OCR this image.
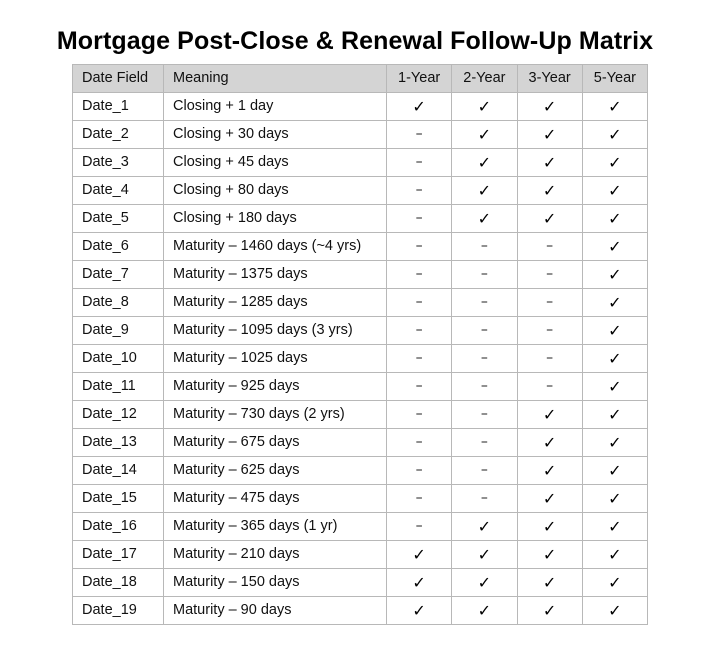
Mortgage Post-Close & Renewal Follow-Up Matrix
Date Field	Meaning	1-Year	2-Year	3-Year	5-Year
Date_1	Closing + 1 day	✓	✓	✓	✓
Date_2	Closing + 30 days	–	✓	✓	✓
Date_3	Closing + 45 days	–	✓	✓	✓
Date_4	Closing + 80 days	–	✓	✓	✓
Date_5	Closing + 180 days	–	✓	✓	✓
Date_6	Maturity – 1460 days (~4 yrs)	–	–	–	✓
Date_7	Maturity – 1375 days	–	–	–	✓
Date_8	Maturity – 1285 days	–	–	–	✓
Date_9	Maturity – 1095 days (3 yrs)	–	–	–	✓
Date_10	Maturity – 1025 days	–	–	–	✓
Date_11	Maturity – 925 days	–	–	–	✓
Date_12	Maturity – 730 days (2 yrs)	–	–	✓	✓
Date_13	Maturity – 675 days	–	–	✓	✓
Date_14	Maturity – 625 days	–	–	✓	✓
Date_15	Maturity – 475 days	–	–	✓	✓
Date_16	Maturity – 365 days (1 yr)	–	✓	✓	✓
Date_17	Maturity – 210 days	✓	✓	✓	✓
Date_18	Maturity – 150 days	✓	✓	✓	✓
Date_19	Maturity – 90 days	✓	✓	✓	✓
